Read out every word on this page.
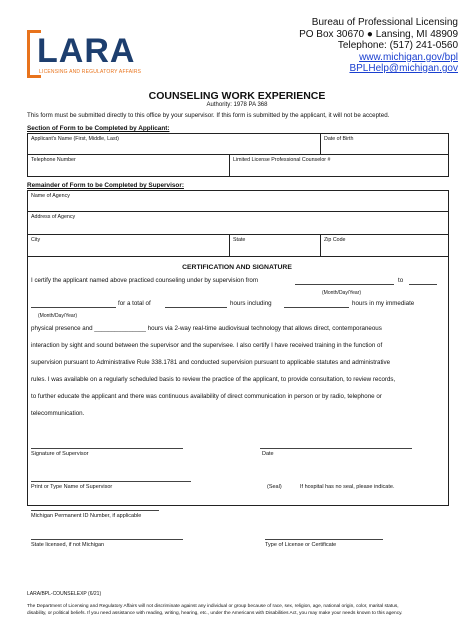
LARA
LICENSING AND REGULATORY AFFAIRS
Bureau of Professional Licensing
PO Box 30670 ● Lansing, MI 48909
Telephone: (517) 241-0560
www.michigan.gov/bpl
BPLHelp@michigan.gov
COUNSELING WORK EXPERIENCE
Authority: 1978 PA 368
This form must be submitted directly to this office by your supervisor. If this form is submitted by the applicant, it will not be accepted.
Section of Form to be Completed by Applicant:
Applicant's Name (First, Middle, Last)	Date of Birth
Telephone Number	Limited License Professional Counselor #
Remainder of Form to be Completed by Supervisor:
Name of Agency
Address of Agency
City	State	Zip Code
CERTIFICATION AND SIGNATURE
I certify the applicant named above practiced counseling under by supervision from	to
(Month/Day/Year)
for a total of	hours including	hours in my immediate
(Month/Day/Year)
physical presence and _______________ hours via 2-way real-time audiovisual technology that allows direct, contemporaneous
interaction by sight and sound between the supervisor and the supervisee. I also certify I have received training in the function of
supervision pursuant to Administrative Rule 338.1781 and conducted supervision pursuant to applicable statutes and administrative
rules. I was available on a regularly scheduled basis to review the practice of the applicant, to provide consultation, to review records,
to further educate the applicant and there was continuous availability of direct communication in person or by radio, telephone or
telecommunication.
Signature of Supervisor	Date
Print or Type Name of Supervisor	(Seal)	If hospital has no seal, please indicate.
Michigan Permanent ID Number, if applicable
State licensed, if not Michigan	Type of License or Certificate
LARA/BPL-COUNSELEXP (6/21)
The Department of Licensing and Regulatory Affairs will not discriminate against any individual or group because of race, sex, religion, age, national origin, color, marital status,
disability, or political beliefs. If you need assistance with reading, writing, hearing, etc., under the Americans with Disabilities Act, you may make your needs known to this agency.
